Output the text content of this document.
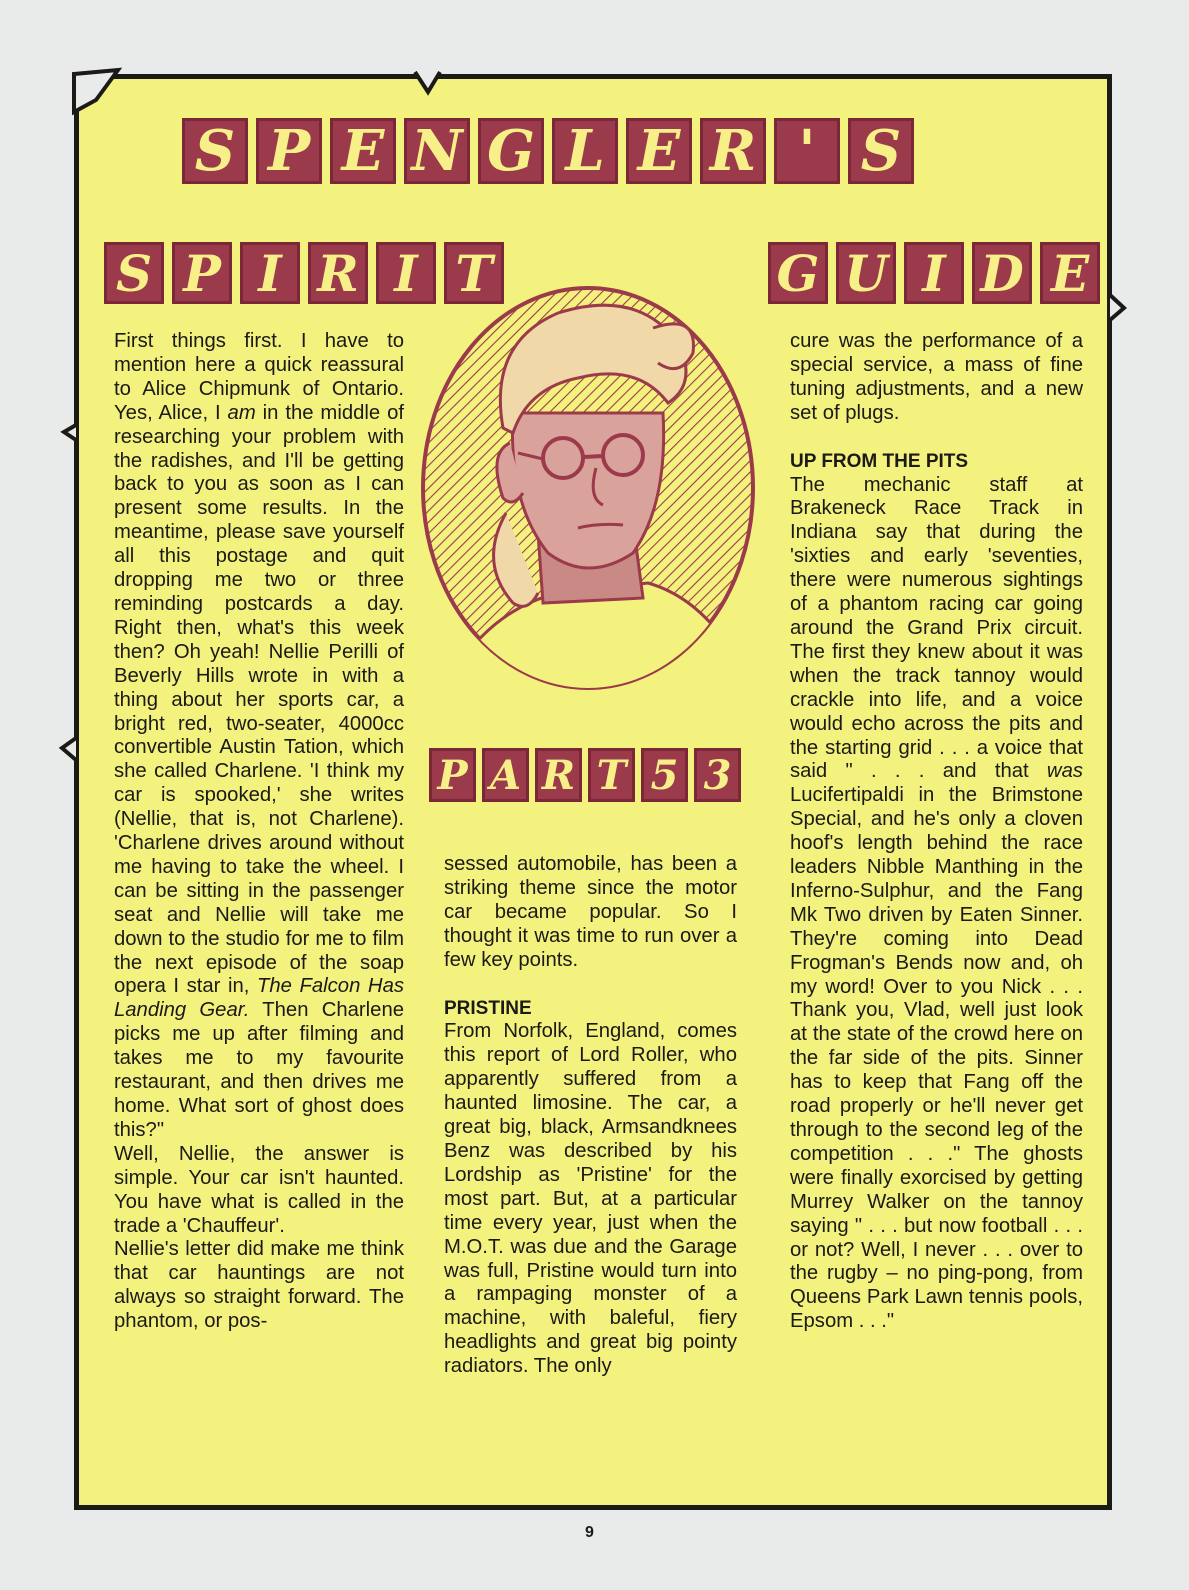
S P E N G L E R ' S
S P I R I T	G U I D E
P A R T 5 3

First things first. I have to mention here a quick reassural to Alice Chipmunk of Ontario. Yes, Alice, I am in the middle of researching your problem with the radishes, and I'll be getting back to you as soon as I can present some results. In the meantime, please save yourself all this postage and quit dropping me two or three reminding postcards a day. Right then, what's this week then? Oh yeah! Nellie Perilli of Beverly Hills wrote in with a thing about her sports car, a bright red, two-seater, 4000cc convertible Austin Tation, which she called Charlene. 'I think my car is spooked,' she writes (Nellie, that is, not Charlene). 'Charlene drives around without me having to take the wheel. I can be sitting in the passenger seat and Nellie will take me down to the studio for me to film the next episode of the soap opera I star in, The Falcon Has Landing Gear. Then Charlene picks me up after filming and takes me to my favourite restaurant, and then drives me home. What sort of ghost does this?"

Well, Nellie, the answer is simple. Your car isn't haunted. You have what is called in the trade a 'Chauffeur'.

Nellie's letter did make me think that car hauntings are not always so straight forward. The phantom, or pos-

sessed automobile, has been a striking theme since the motor car became popular. So I thought it was time to run over a few key points.

PRISTINE

From Norfolk, England, comes this report of Lord Roller, who apparently suffered from a haunted limosine. The car, a great big, black, Armsandknees Benz was described by his Lordship as 'Pristine' for the most part. But, at a particular time every year, just when the M.O.T. was due and the Garage was full, Pristine would turn into a rampaging monster of a machine, with baleful, fiery headlights and great big pointy radiators. The only

cure was the performance of a special service, a mass of fine tuning adjustments, and a new set of plugs.

UP FROM THE PITS

The mechanic staff at Brakeneck Race Track in Indiana say that during the 'sixties and early 'seventies, there were numerous sightings of a phantom racing car going around the Grand Prix circuit. The first they knew about it was when the track tannoy would crackle into life, and a voice would echo across the pits and the starting grid . . . a voice that said " . . . and that was Lucifertipaldi in the Brimstone Special, and he's only a cloven hoof's length behind the race leaders Nibble Manthing in the Inferno-Sulphur, and the Fang Mk Two driven by Eaten Sinner. They're coming into Dead Frogman's Bends now and, oh my word! Over to you Nick . . . Thank you, Vlad, well just look at the state of the crowd here on the far side of the pits. Sinner has to keep that Fang off the road properly or he'll never get through to the second leg of the competition . . ." The ghosts were finally exorcised by getting Murrey Walker on the tannoy saying " . . . but now football . . . or not? Well, I never . . . over to the rugby – no ping-pong, from Queens Park Lawn tennis pools, Epsom . . ."

9
